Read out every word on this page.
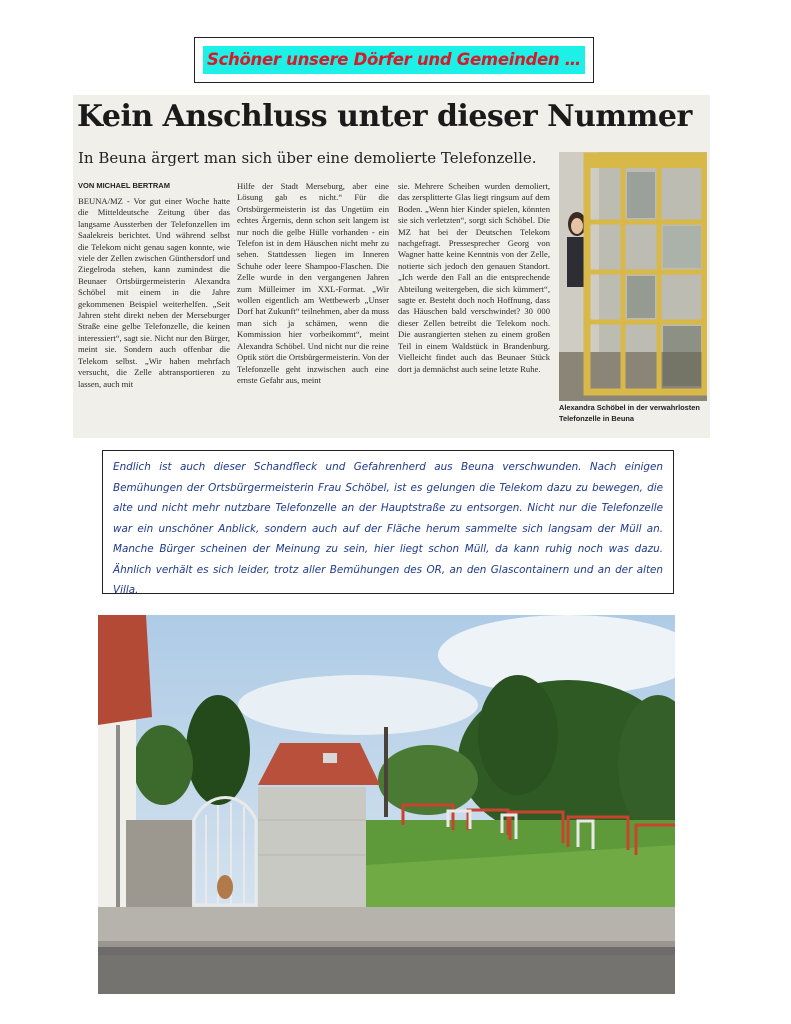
Schöner unsere Dörfer und Gemeinden …
Kein Anschluss unter dieser Nummer
In Beuna ärgert man sich über eine demolierte Telefonzelle.
VON MICHAEL BERTRAM
BEUNA/MZ - Vor gut einer Woche hatte die Mitteldeutsche Zeitung über das langsame Aussterben der Telefonzellen im Saalekreis berichtet. Und während selbst die Telekom nicht genau sagen konnte, wie viele der Zellen zwischen Günthersdorf und Ziegelroda stehen, kann zumindest die Beunaer Ortsbürgermeisterin Alexandra Schöbel mit einem in die Jahre gekommenen Beispiel weiterhelfen. „Seit Jahren steht direkt neben der Merseburger Straße eine gelbe Telefonzelle, die keinen interessiert“, sagt sie. Nicht nur den Bürger, meint sie. Sondern auch offenbar die Telekom selbst. „Wir haben mehrfach versucht, die Zelle abtransportieren zu lassen, auch mit
Hilfe der Stadt Merseburg, aber eine Lösung gab es nicht.“ Für die Ortsbürgermeisterin ist das Ungetüm ein echtes Ärgernis, denn schon seit langem ist nur noch die gelbe Hülle vorhanden - ein Telefon ist in dem Häuschen nicht mehr zu sehen. Stattdessen liegen im Inneren Schuhe oder leere Shampoo-Flaschen. Die Zelle wurde in den vergangenen Jahren zum Mülleimer im XXL-Format. „Wir wollen eigentlich am Wettbewerb „Unser Dorf hat Zukunft“ teilnehmen, aber da muss man sich ja schämen, wenn die Kommission hier vorbeikommt“, meint Alexandra Schöbel. Und nicht nur die reine Optik stört die Ortsbürgermeisterin. Von der Telefonzelle geht inzwischen auch eine ernste Gefahr aus, meint
sie. Mehrere Scheiben wurden demoliert, das zersplitterte Glas liegt ringsum auf dem Boden. „Wenn hier Kinder spielen, könnten sie sich verletzten“, sorgt sich Schöbel. Die MZ hat bei der Deutschen Telekom nachgefragt. Pressesprecher Georg von Wagner hatte keine Kenntnis von der Zelle, notierte sich jedoch den genauen Standort. „Ich werde den Fall an die entsprechende Abteilung weitergeben, die sich kümmert“, sagte er. Besteht doch noch Hoffnung, dass das Häuschen bald verschwindet? 30 000 dieser Zellen betreibt die Telekom noch. Die ausrangierten stehen zu einem großen Teil in einem Waldstück in Brandenburg. Vielleicht findet auch das Beunaer Stück dort ja demnächst auch seine letzte Ruhe.
Alexandra Schöbel in der verwahrlosten Telefonzelle in Beuna

Endlich ist auch dieser Schandfleck und Gefahrenherd aus Beuna verschwunden. Nach einigen Bemühungen der Ortsbürgermeisterin Frau Schöbel, ist es gelungen die Telekom dazu zu bewegen, die alte und nicht mehr nutzbare Telefonzelle an der Hauptstraße zu entsorgen. Nicht nur die Telefonzelle war ein unschöner Anblick, sondern auch auf der Fläche herum sammelte sich langsam der Müll an. Manche Bürger scheinen der Meinung zu sein, hier liegt schon Müll, da kann ruhig noch was dazu. Ähnlich verhält es sich leider, trotz aller Bemühungen des OR, an den Glascontainern und an der alten Villa.
